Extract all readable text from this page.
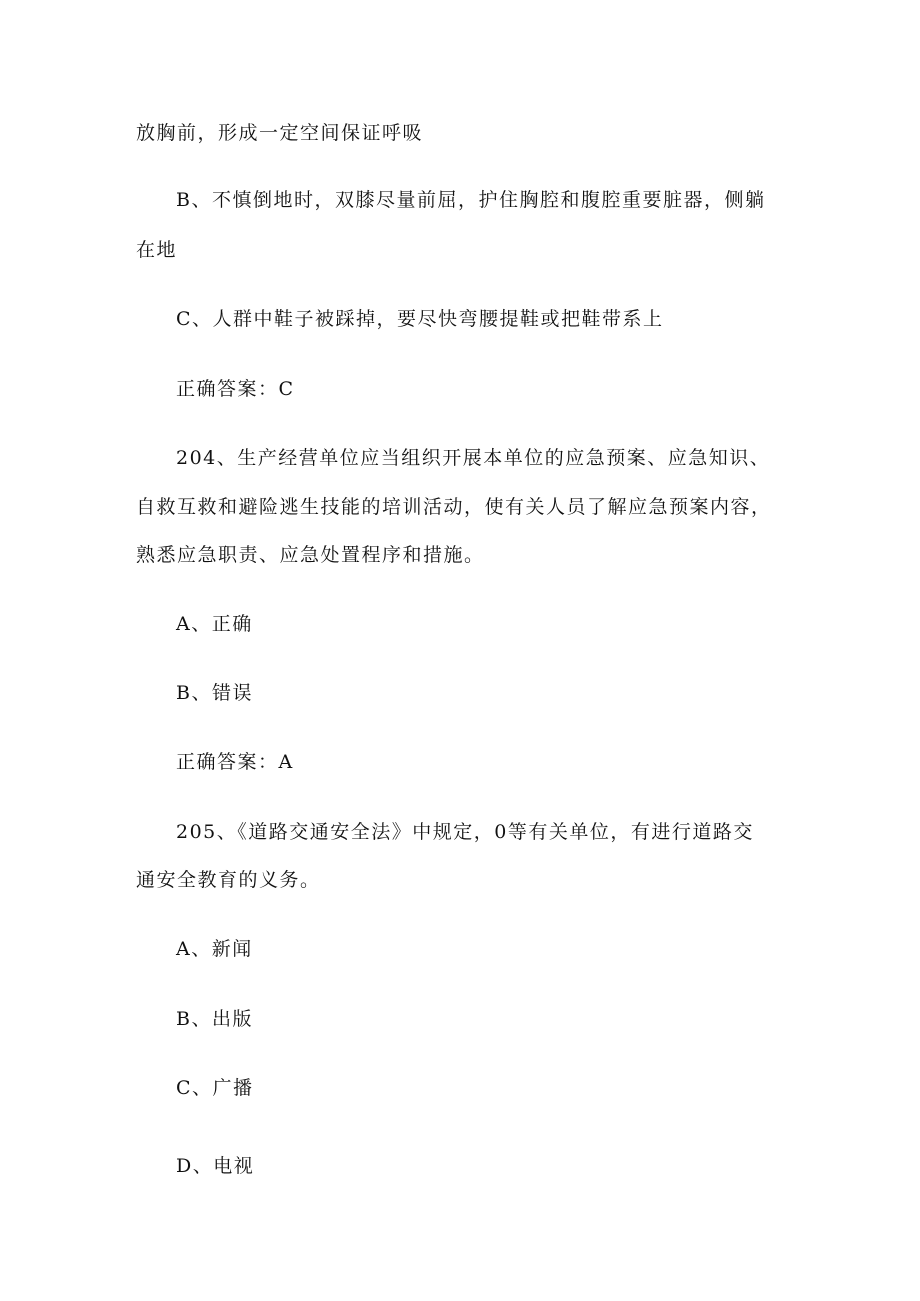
放胸前，形成一定空间保证呼吸
B、不慎倒地时，双膝尽量前屈，护住胸腔和腹腔重要脏器，侧躺
在地
C、人群中鞋子被踩掉，要尽快弯腰提鞋或把鞋带系上
正确答案：C
204、生产经营单位应当组织开展本单位的应急预案、应急知识、
自救互救和避险逃生技能的培训活动，使有关人员了解应急预案内容，
熟悉应急职责、应急处置程序和措施。
A、正确
B、错误
正确答案：A
205、《道路交通安全法》中规定，0等有关单位，有进行道路交
通安全教育的义务。
A、新闻
B、出版
C、广播
D、电视
